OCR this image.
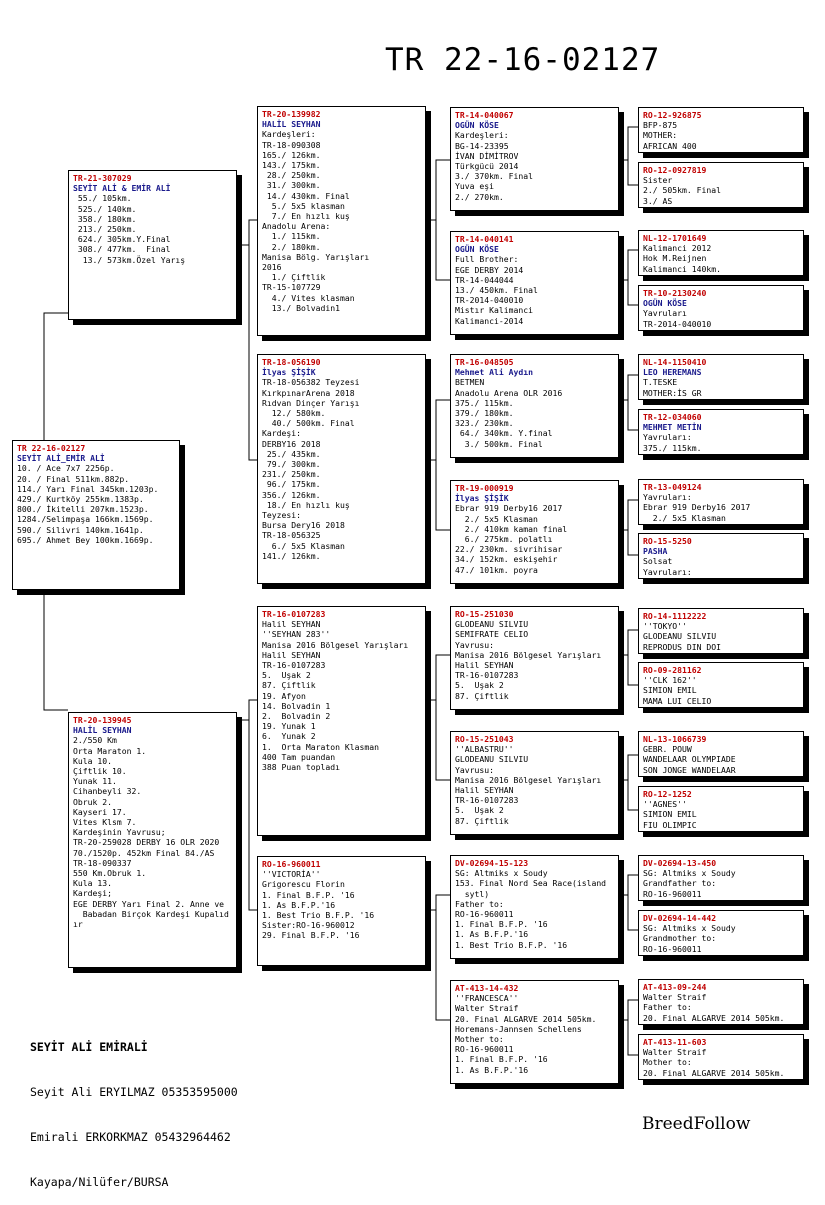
TR 22-16-02127
TR 22-16-02127
SEYİT ALİ_EMİR ALİ
10. / Ace 7x7 2256p.
20. / Final 511km.882p.
114./ Yarı Final 345km.1203p.
429./ Kurtköy 255km.1383p.
800./ İkitelli 207km.1523p.
1284./Selimpaşa 166km.1569p.
590./ Silivri 140km.1641p.
695./ Ahmet Bey 100km.1669p.
TR-21-307029
SEYİT ALİ & EMİR ALİ
55./ 105km.
525./ 140km.
358./ 180km.
213./ 250km.
624./ 305km.Y.Final
308./ 477km.  Final
13./ 573km.Özel Yarış
TR-20-139945
HALİL SEYHAN
2./550 Km
Orta Maraton 1.
Kula 10.
Çiftlik 10.
Yunak 11.
Cihanbeyli 32.
Obruk 2.
Kayseri 17.
Vites Klsm 7.
Kardeşinin Yavrusu;
TR-20-259028 DERBY 16 OLR 2020
70./1520p. 452km Final 84./AS
TR-18-090337
550 Km.Obruk 1.
Kula 13.
Kardeşi;
EGE DERBY Yarı Final 2. Anne ve
Babadan Birçok Kardeşi Kupalıd
ır
TR-20-139982
HALİL SEYHAN
Kardeşleri:
TR-18-090308
165./ 126km.
143./ 175km.
28./ 250km.
31./ 300km.
14./ 430km. Final
5./ 5x5 klasman
7./ En hızlı kuş
Anadolu Arena:
1./ 115km.
2./ 180km.
Manisa Bölg. Yarışları
2016
1./ Çiftlik
TR-15-107729
4./ Vites klasman
13./ Bolvadin1
TR-18-056190
İlyas ŞİŞİK
TR-18-056382 Teyzesi
KırkpınarArena 2018
Rıdvan Dinçer Yarışı
12./ 580km.
40./ 500km. Final
Kardeşi:
DERBY16 2018
25./ 435km.
79./ 300km.
231./ 250km.
96./ 175km.
356./ 126km.
18./ En hızlı kuş
Teyzesi:
Bursa Dery16 2018
TR-18-056325
6./ 5x5 Klasman
141./ 126km.
TR-16-0107283
Halil SEYHAN
''SEYHAN 283''
Manisa 2016 Bölgesel Yarışları
Halil SEYHAN
TR-16-0107283
5.  Uşak 2
87. Çiftlik
19. Afyon
14. Bolvadin 1
2.  Bolvadin 2
19. Yunak 1
6.  Yunak 2
1.  Orta Maraton Klasman
400 Tam puandan
388 Puan topladı
RO-16-960011
''VICTORİA''
Grigorescu Florin
1. Final B.F.P. '16
1. As B.F.P.'16
1. Best Trio B.F.P. '16
Sister:RO-16-960012
29. Final B.F.P. '16
TR-14-040067
OGÜN KÖSE
Kardeşleri:
BG-14-23395
İVAN DİMİTROV
Türkgücü 2014
3./ 370km. Final
Yuva eşi
2./ 270km.
TR-14-040141
OGÜN KÖSE
Full Brother:
EGE DERBY 2014
TR-14-044044
13./ 450km. Final
TR-2014-040010
Mistır Kalimanci
Kalimanci-2014
TR-16-048505
Mehmet Ali Aydın
BETMEN
Anadolu Arena OLR 2016
375./ 115km.
379./ 180km.
323./ 230km.
64./ 340km. Y.final
3./ 500km. Final
TR-19-000919
İlyas ŞİŞİK
Ebrar 919 Derby16 2017
2./ 5x5 Klasman
2./ 410km kaman final
6./ 275km. polatlı
22./ 230km. sivrihisar
34./ 152km. eskişehir
47./ 101km. poyra
RO-15-251030
GLODEANU SILVIU
SEMIFRATE CELIO
Yavrusu:
Manisa 2016 Bölgesel Yarışları
Halil SEYHAN
TR-16-0107283
5.  Uşak 2
87. Çiftlik
RO-15-251043
''ALBASTRU''
GLODEANU SILVIU
Yavrusu:
Manisa 2016 Bölgesel Yarışları
Halil SEYHAN
TR-16-0107283
5.  Uşak 2
87. Çiftlik
DV-02694-15-123
SG: Altmiks x Soudy
153. Final Nord Sea Race(island
sytl)
Father to:
RO-16-960011
1. Final B.F.P. '16
1. As B.F.P.'16
1. Best Trio B.F.P. '16
AT-413-14-432
''FRANCESCA''
Walter Straif
20. Final ALGARVE 2014 505km.
Horemans-Jannsen Schellens
Mother to:
RO-16-960011
1. Final B.F.P. '16
1. As B.F.P.'16
RO-12-926875
BFP-875
MOTHER:
AFRICAN 400
RO-12-0927819
Sister
2./ 505km. Final
3./ AS
NL-12-1701649
Kalimanci 2012
Hok M.Reijnen
Kalimanci 140km.
TR-10-2130240
OGÜN KÖSE
Yavruları
TR-2014-040010
NL-14-1150410
LEO HEREMANS
T.TESKE
MOTHER:İS GR
TR-12-034060
MEHMET METİN
Yavruları:
375./ 115km.
TR-13-049124
Yavruları:
Ebrar 919 Derby16 2017
2./ 5x5 Klasman
RO-15-5250
PASHA
Solsat
Yavruları:
RO-14-1112222
''TOKYO''
GLODEANU SILVIU
REPRODUS DIN DOI
RO-09-281162
''CLK 162''
SIMION EMIL
MAMA LUI CELIO
NL-13-1066739
GEBR. POUW
WANDELAAR OLYMPIADE
SON JONGE WANDELAAR
RO-12-1252
''AGNES''
SIMION EMIL
FIU OLIMPIC
DV-02694-13-450
SG: Altmiks x Soudy
Grandfather to:
RO-16-960011
DV-02694-14-442
SG: Altmiks x Soudy
Grandmother to:
RO-16-960011
AT-413-09-244
Walter Straif
Father to:
20. Final ALGARVE 2014 505km.
AT-413-11-603
Walter Straif
Mother to:
20. Final ALGARVE 2014 505km.

SEYİT ALİ EMİRALİ

Seyit Ali ERYILMAZ 05353595000

Emirali ERKORKMAZ 05432964462

Kayapa/Nilüfer/BURSA

BreedFollow
